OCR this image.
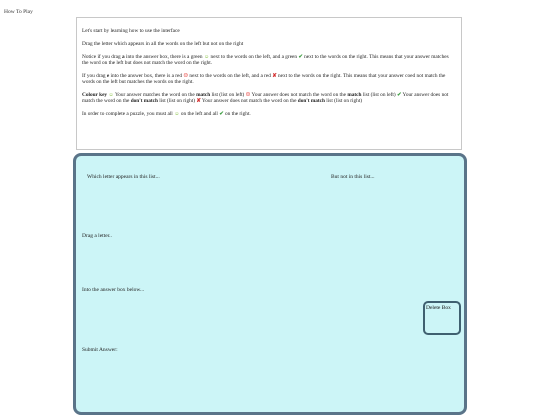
How To Play

Let's start by learning how to use the interface

Drag the letter which appears in all the words on the left but not on the right

Notice if you drag a into the answer box, there is a green ☺ next to the words on the left, and a green ✔ next to the words on the right. This means that your answer matches the word on the left but does not match the word on the right.

If you drag e into the answer box, there is a red ☹ next to the words on the left, and a red ✘ next to the words on the right. This means that your answer coed not match the words on the left but matches the words on the right.

Colour key ☺ Your answer matches the word on the match list (list on left) ☹ Your answer does not match the word on the match list (list on left) ✔ Your answer does not match the word on the don't match list (list on right) ✘ Your answer does not match the word on the don't match list (list on right)

In order to complete a puzzle, you must all ☺ on the left and all ✔ on the right.

Which letter appears in this list...	But not in this list...
Drag a letter..
Into the answer box below...
Delete Box
Submit Answer:
